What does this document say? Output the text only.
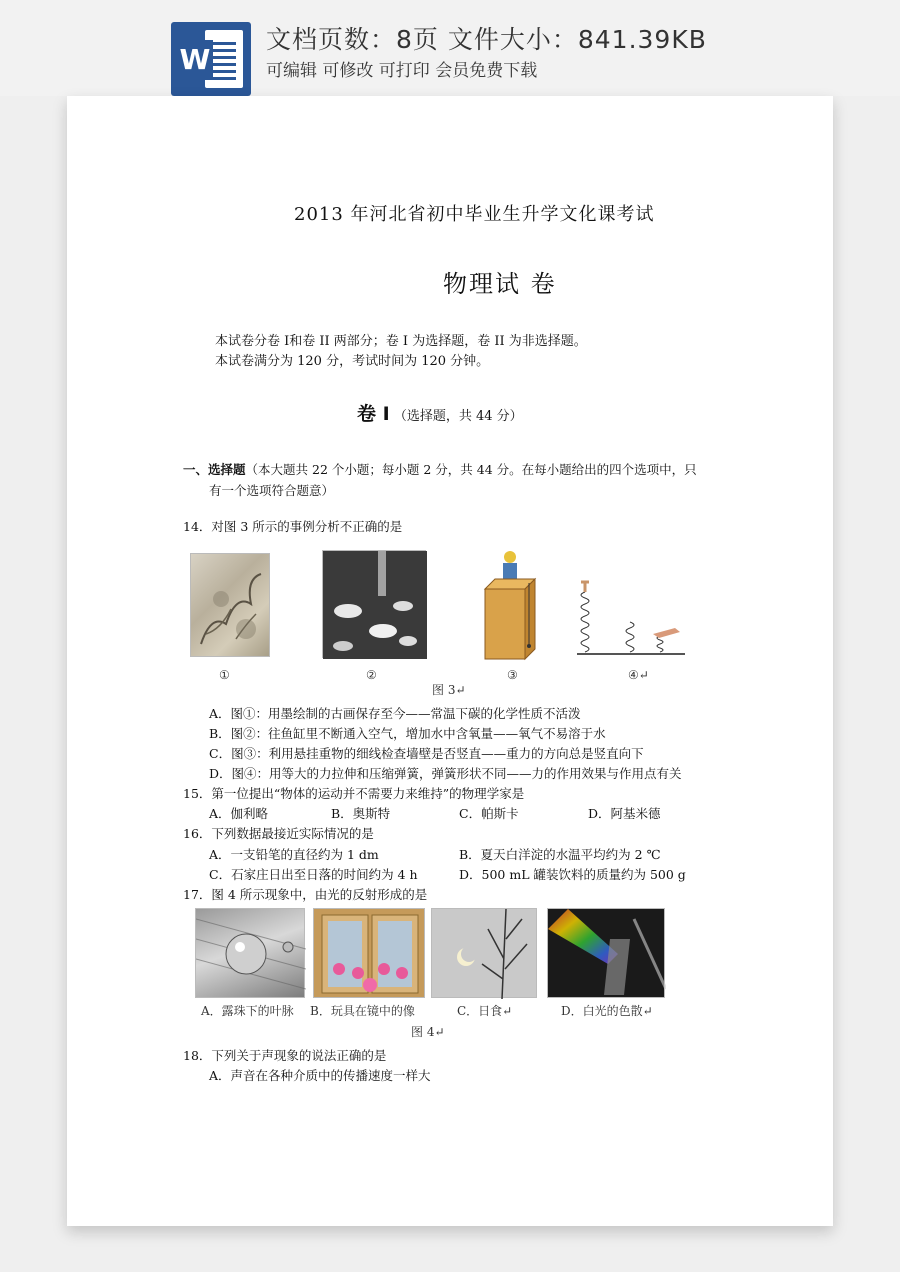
W
文档页数：8页 文件大小：841.39KB
可编辑 可修改 可打印 会员免费下载
2013 年河北省初中毕业生升学文化课考试
物理试 卷
本试卷分卷 I和卷 II 两部分；卷 I 为选择题，卷 II 为非选择题。
本试卷满分为 120 分，考试时间为 120 分钟。
卷 I （选择题，共 44 分）
一、选择题（本大题共 22 个小题；每小题 2 分，共 44 分。在每小题给出的四个选项中，只
有一个选项符合题意）
14．对图 3 所示的事例分析不正确的是
①	②	③	④↵
图 3↵
A．图①：用墨绘制的古画保存至今——常温下碳的化学性质不活泼
B．图②：往鱼缸里不断通入空气，增加水中含氧量——氧气不易溶于水
C．图③：利用悬挂重物的细线检查墙壁是否竖直——重力的方向总是竖直向下
D．图④：用等大的力拉伸和压缩弹簧，弹簧形状不同——力的作用效果与作用点有关
15．第一位提出“物体的运动并不需要力来维持”的物理学家是
A．伽利略	B．奥斯特	C．帕斯卡	D．阿基米德
16．下列数据最接近实际情况的是
A．一支铅笔的直径约为 1 dm	B．夏天白洋淀的水温平均约为 2 ℃
C．石家庄日出至日落的时间约为 4 h	D．500 mL 罐装饮料的质量约为 500 g
17．图 4 所示现象中，由光的反射形成的是
A．露珠下的叶脉 B．玩具在镜中的像	C．日食↵	D．白光的色散↵
图 4↵
18．下列关于声现象的说法正确的是
A．声音在各种介质中的传播速度一样大
